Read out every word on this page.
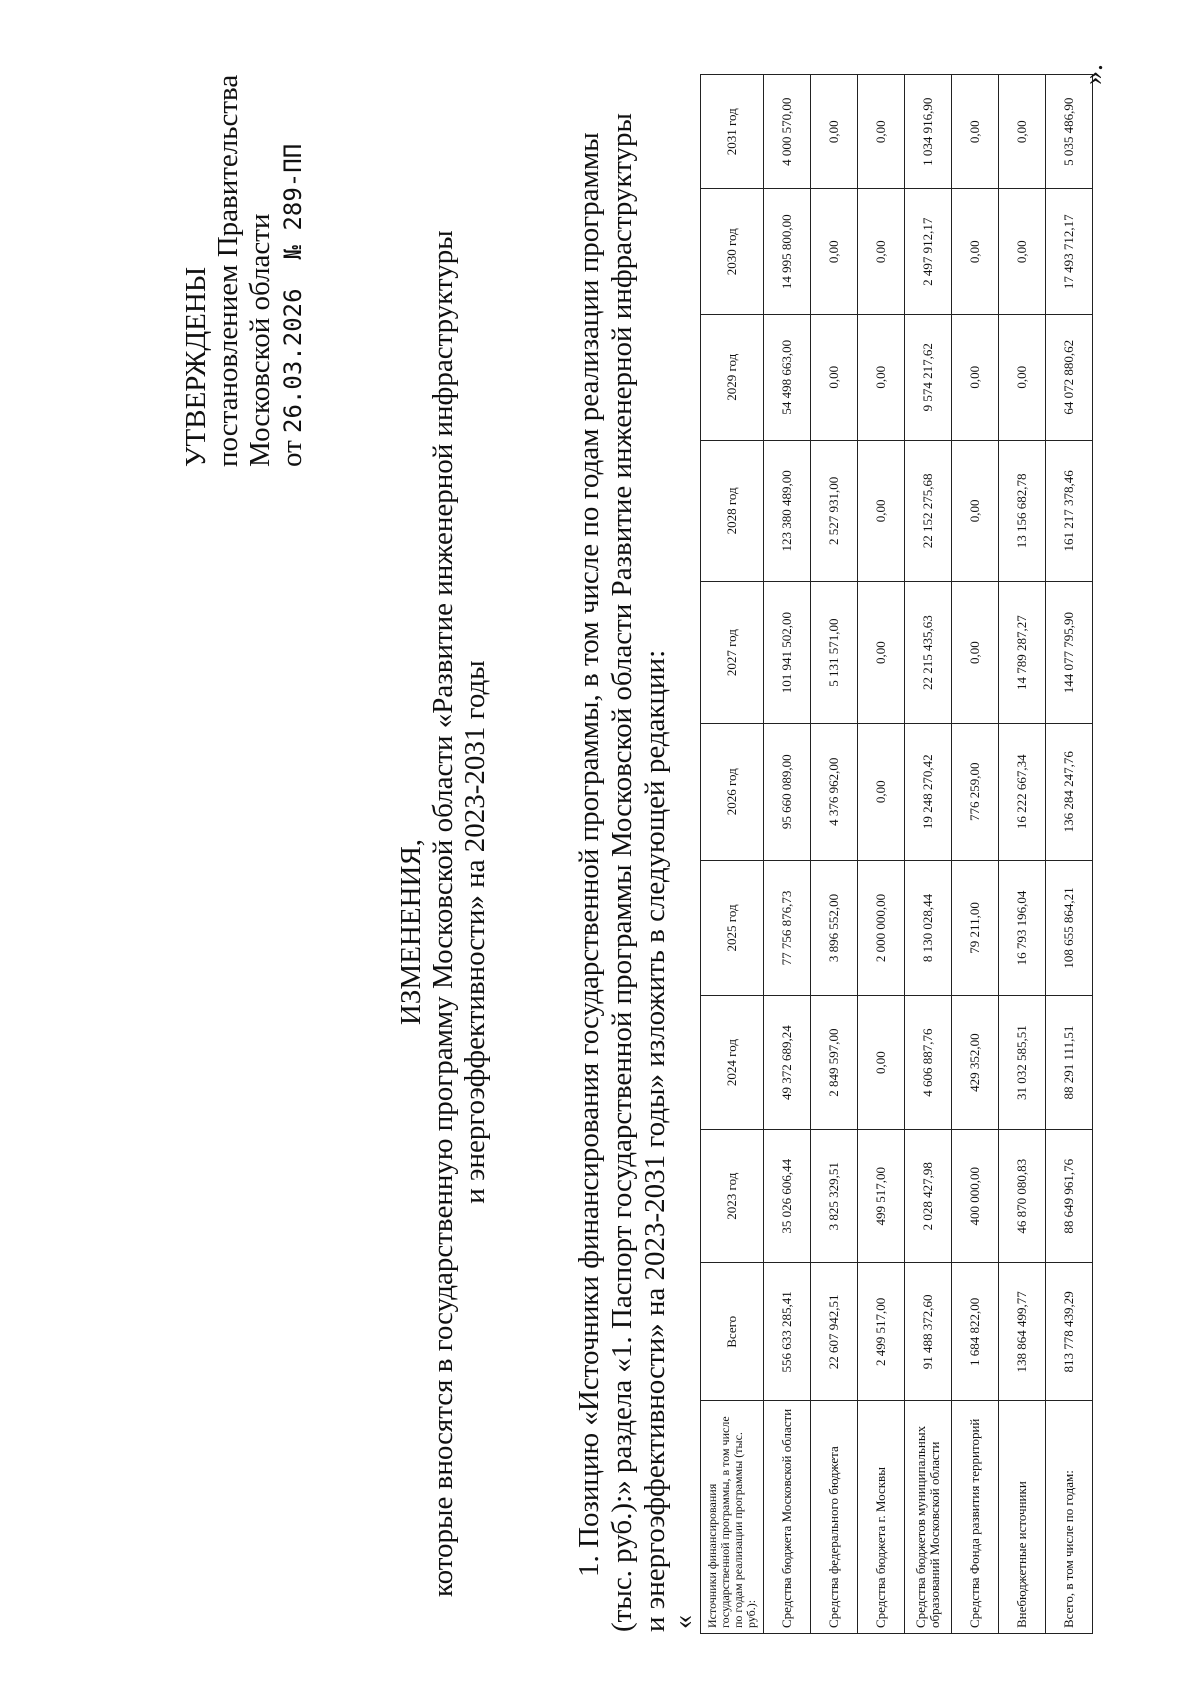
УТВЕРЖДЕНЫ постановлением Правительства Московской области от 26.03.2026    № 289-ПП
ИЗМЕНЕНИЯ, которые вносятся в государственную программу Московской области «Развитие инженерной инфраструктуры и энергоэффективности» на 2023-2031 годы	1. Позицию «Источники финансирования государственной программы, в том числе по годам реализации программы (тыс. руб.):» раздела «1. Паспорт государственной программы Московской области Развитие инженерной инфраструктуры и энергоэффективности» на 2023-2031 годы» изложить в следующей редакции:
« Источники финансирования государственной программы, в том числе по годам реализации программы (тыс. руб.):	Всего	2023 год	2024 год	2025 год	2026 год	2027 год	2028 год	2029 год	2030 год	2031 год
Средства бюджета Московской области	556 633 285,41	35 026 606,44	49 372 689,24	77 756 876,73	95 660 089,00	101 941 502,00	123 380 489,00	54 498 663,00	14 995 800,00	4 000 570,00
Средства федерального бюджета	22 607 942,51	3 825 329,51	2 849 597,00	3 896 552,00	4 376 962,00	5 131 571,00	2 527 931,00	0,00	0,00	0,00
Средства бюджета г. Москвы	2 499 517,00	499 517,00	0,00	2 000 000,00	0,00	0,00	0,00	0,00	0,00	0,00
Средства бюджетов муниципальных образований Московской области	91 488 372,60	2 028 427,98	4 606 887,76	8 130 028,44	19 248 270,42	22 215 435,63	22 152 275,68	9 574 217,62	2 497 912,17	1 034 916,90
Средства Фонда развития территорий	1 684 822,00	400 000,00	429 352,00	79 211,00	776 259,00	0,00	0,00	0,00	0,00	0,00
Внебюджетные источники	138 864 499,77	46 870 080,83	31 032 585,51	16 793 196,04	16 222 667,34	14 789 287,27	13 156 682,78	0,00	0,00	0,00
Всего, в том числе по годам:	813 778 439,29	88 649 961,76	88 291 111,51	108 655 864,21	136 284 247,76	144 077 795,90	161 217 378,46	64 072 880,62	17 493 712,17	5 035 486,90
».
